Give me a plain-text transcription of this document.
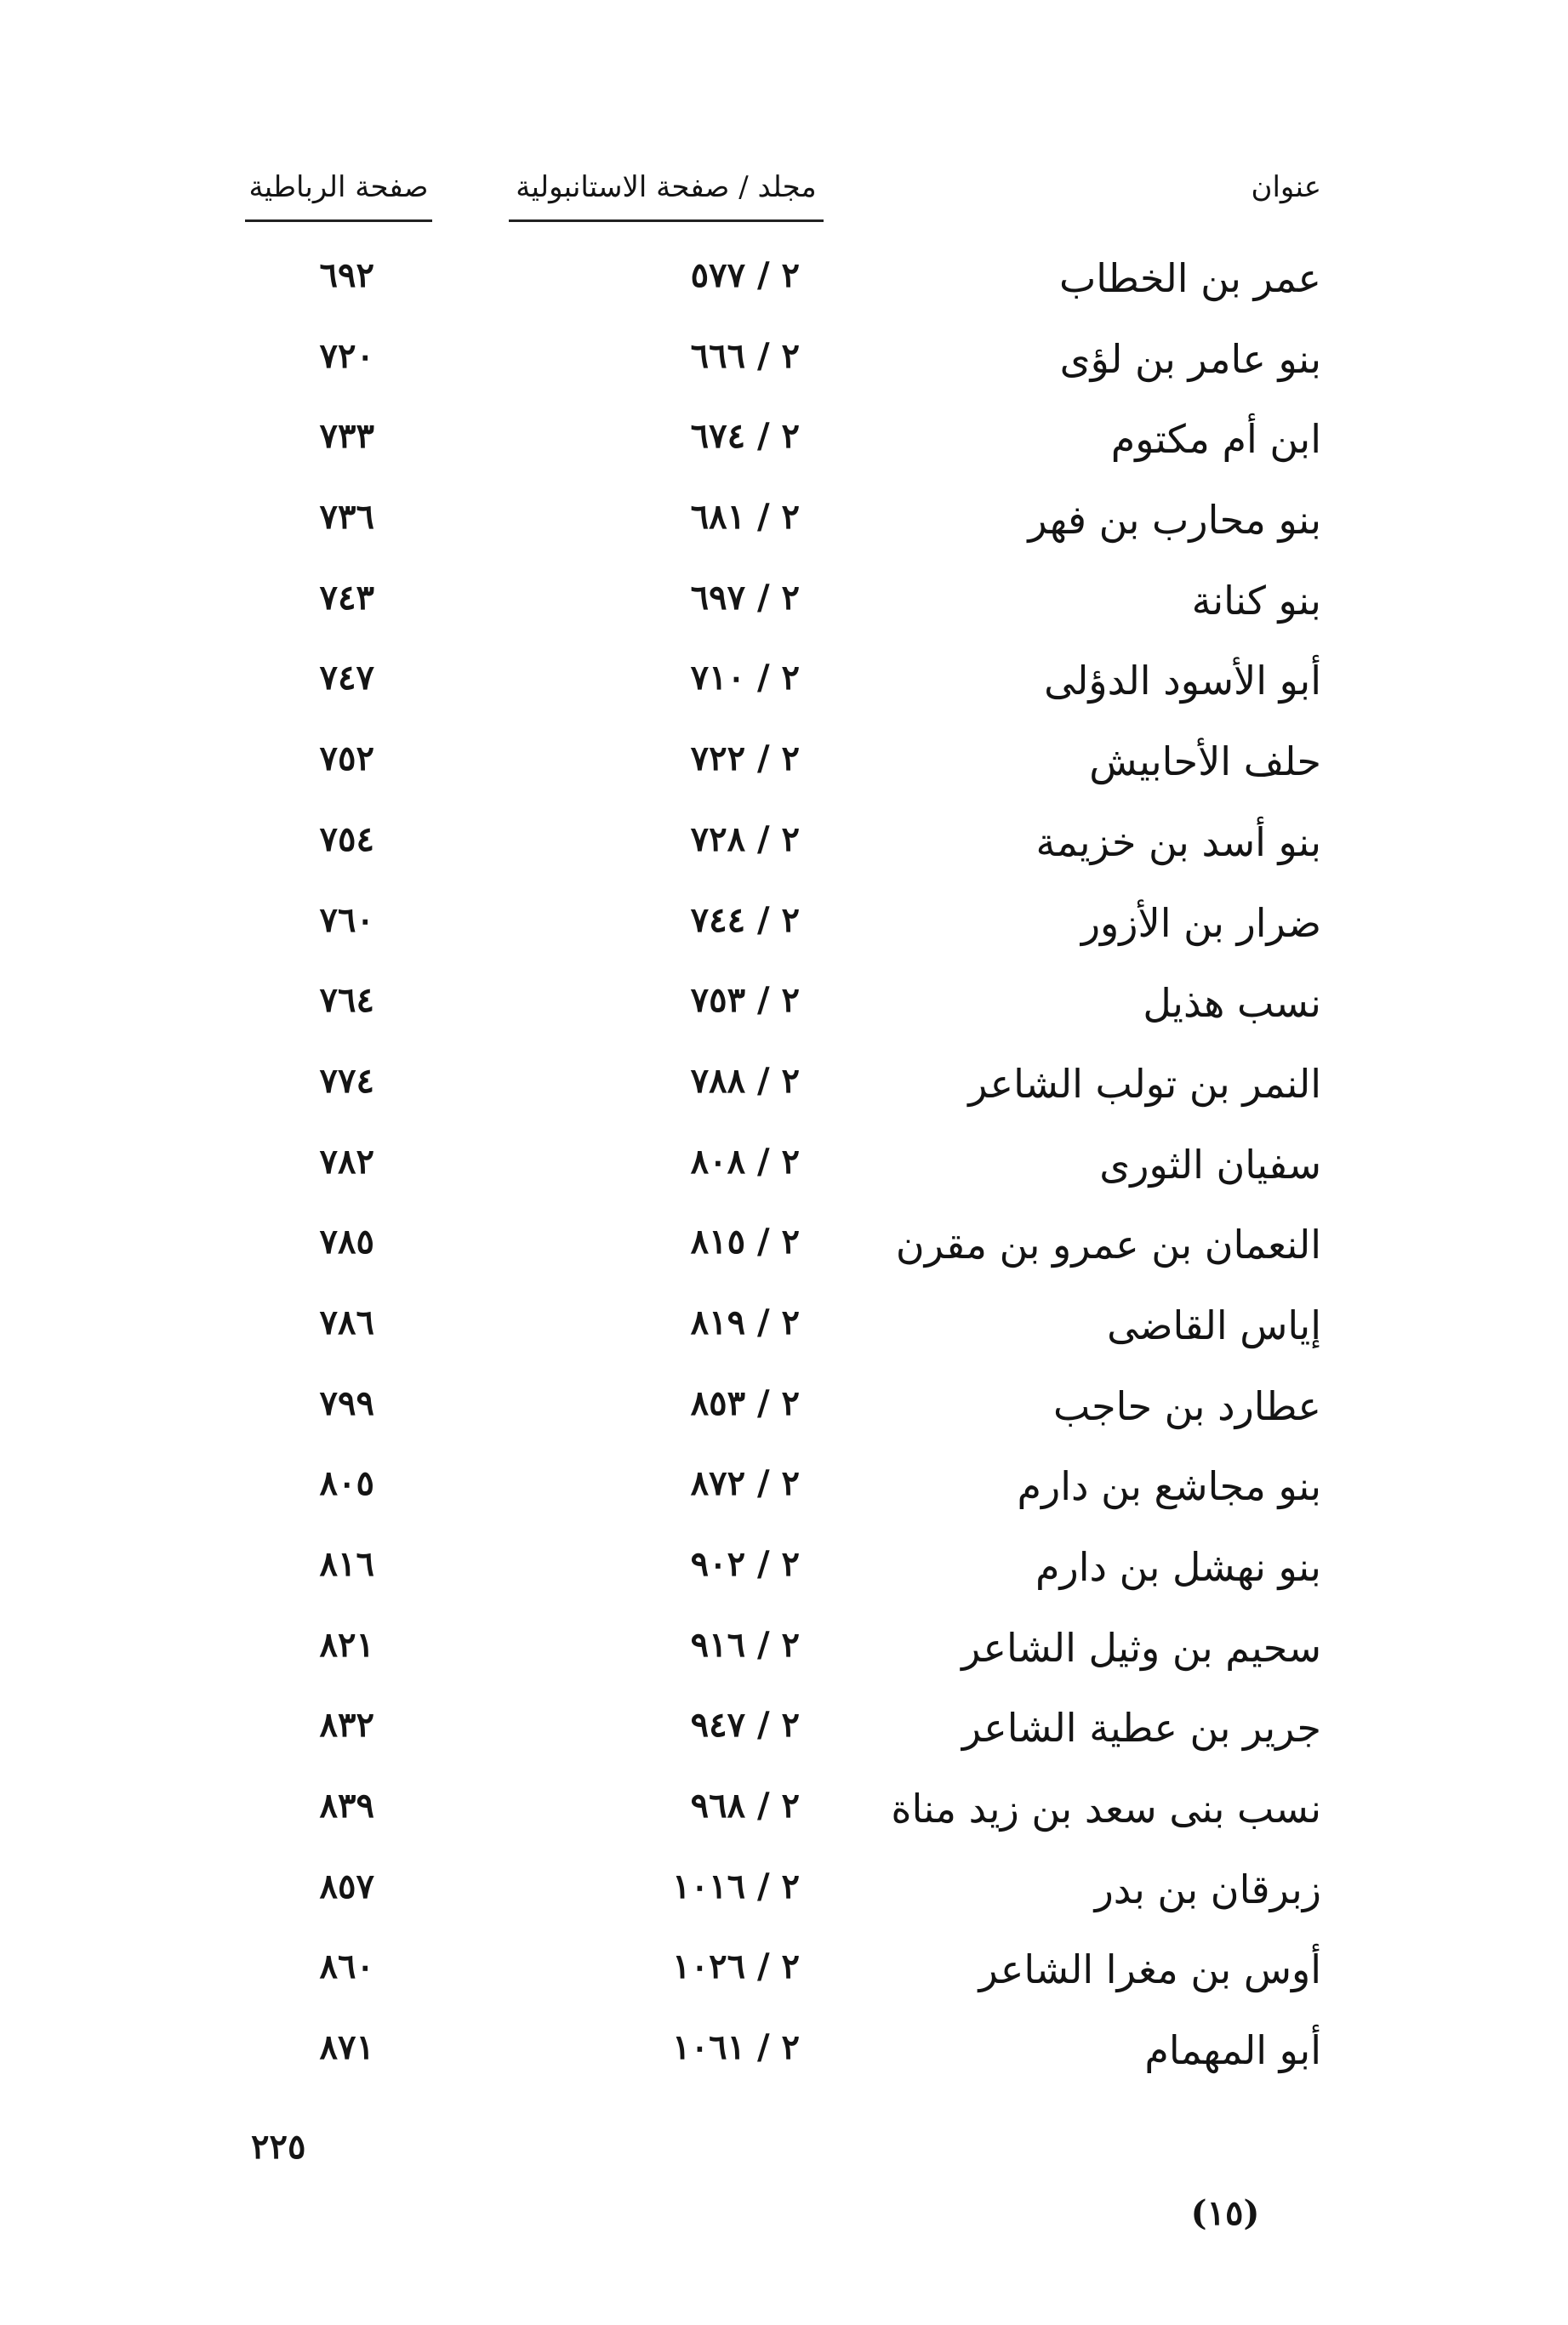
عنوان
مجلد / صفحة الاستانبولية
صفحة الرباطية
عمر بن الخطاب
٢ / ٥٧٧
٦٩٢
بنو عامر بن لؤى
٢ / ٦٦٦
٧٢٠
ابن أم مكتوم
٢ / ٦٧٤
٧٣٣
بنو محارب بن فهر
٢ / ٦٨١
٧٣٦
بنو كنانة
٢ / ٦٩٧
٧٤٣
أبو الأسود الدؤلى
٢ / ٧١٠
٧٤٧
حلف الأحابيش
٢ / ٧٢٢
٧٥٢
بنو أسد بن خزيمة
٢ / ٧٢٨
٧٥٤
ضرار بن الأزور
٢ / ٧٤٤
٧٦٠
نسب هذيل
٢ / ٧٥٣
٧٦٤
النمر بن تولب الشاعر
٢ / ٧٨٨
٧٧٤
سفيان الثورى
٢ / ٨٠٨
٧٨٢
النعمان بن عمرو بن مقرن
٢ / ٨١٥
٧٨٥
إياس القاضى
٢ / ٨١٩
٧٨٦
عطارد بن حاجب
٢ / ٨٥٣
٧٩٩
بنو مجاشع بن دارم
٢ / ٨٧٢
٨٠٥
بنو نهشل بن دارم
٢ / ٩٠٢
٨١٦
سحيم بن وثيل الشاعر
٢ / ٩١٦
٨٢١
جرير بن عطية الشاعر
٢ / ٩٤٧
٨٣٢
نسب بنى سعد بن زيد مناة
٢ / ٩٦٨
٨٣٩
زبرقان بن بدر
٢ / ١٠١٦
٨٥٧
أوس بن مغرا الشاعر
٢ / ١٠٢٦
٨٦٠
أبو المهمام
٢ / ١٠٦١
٨٧١
٢٢٥
(١٥)
